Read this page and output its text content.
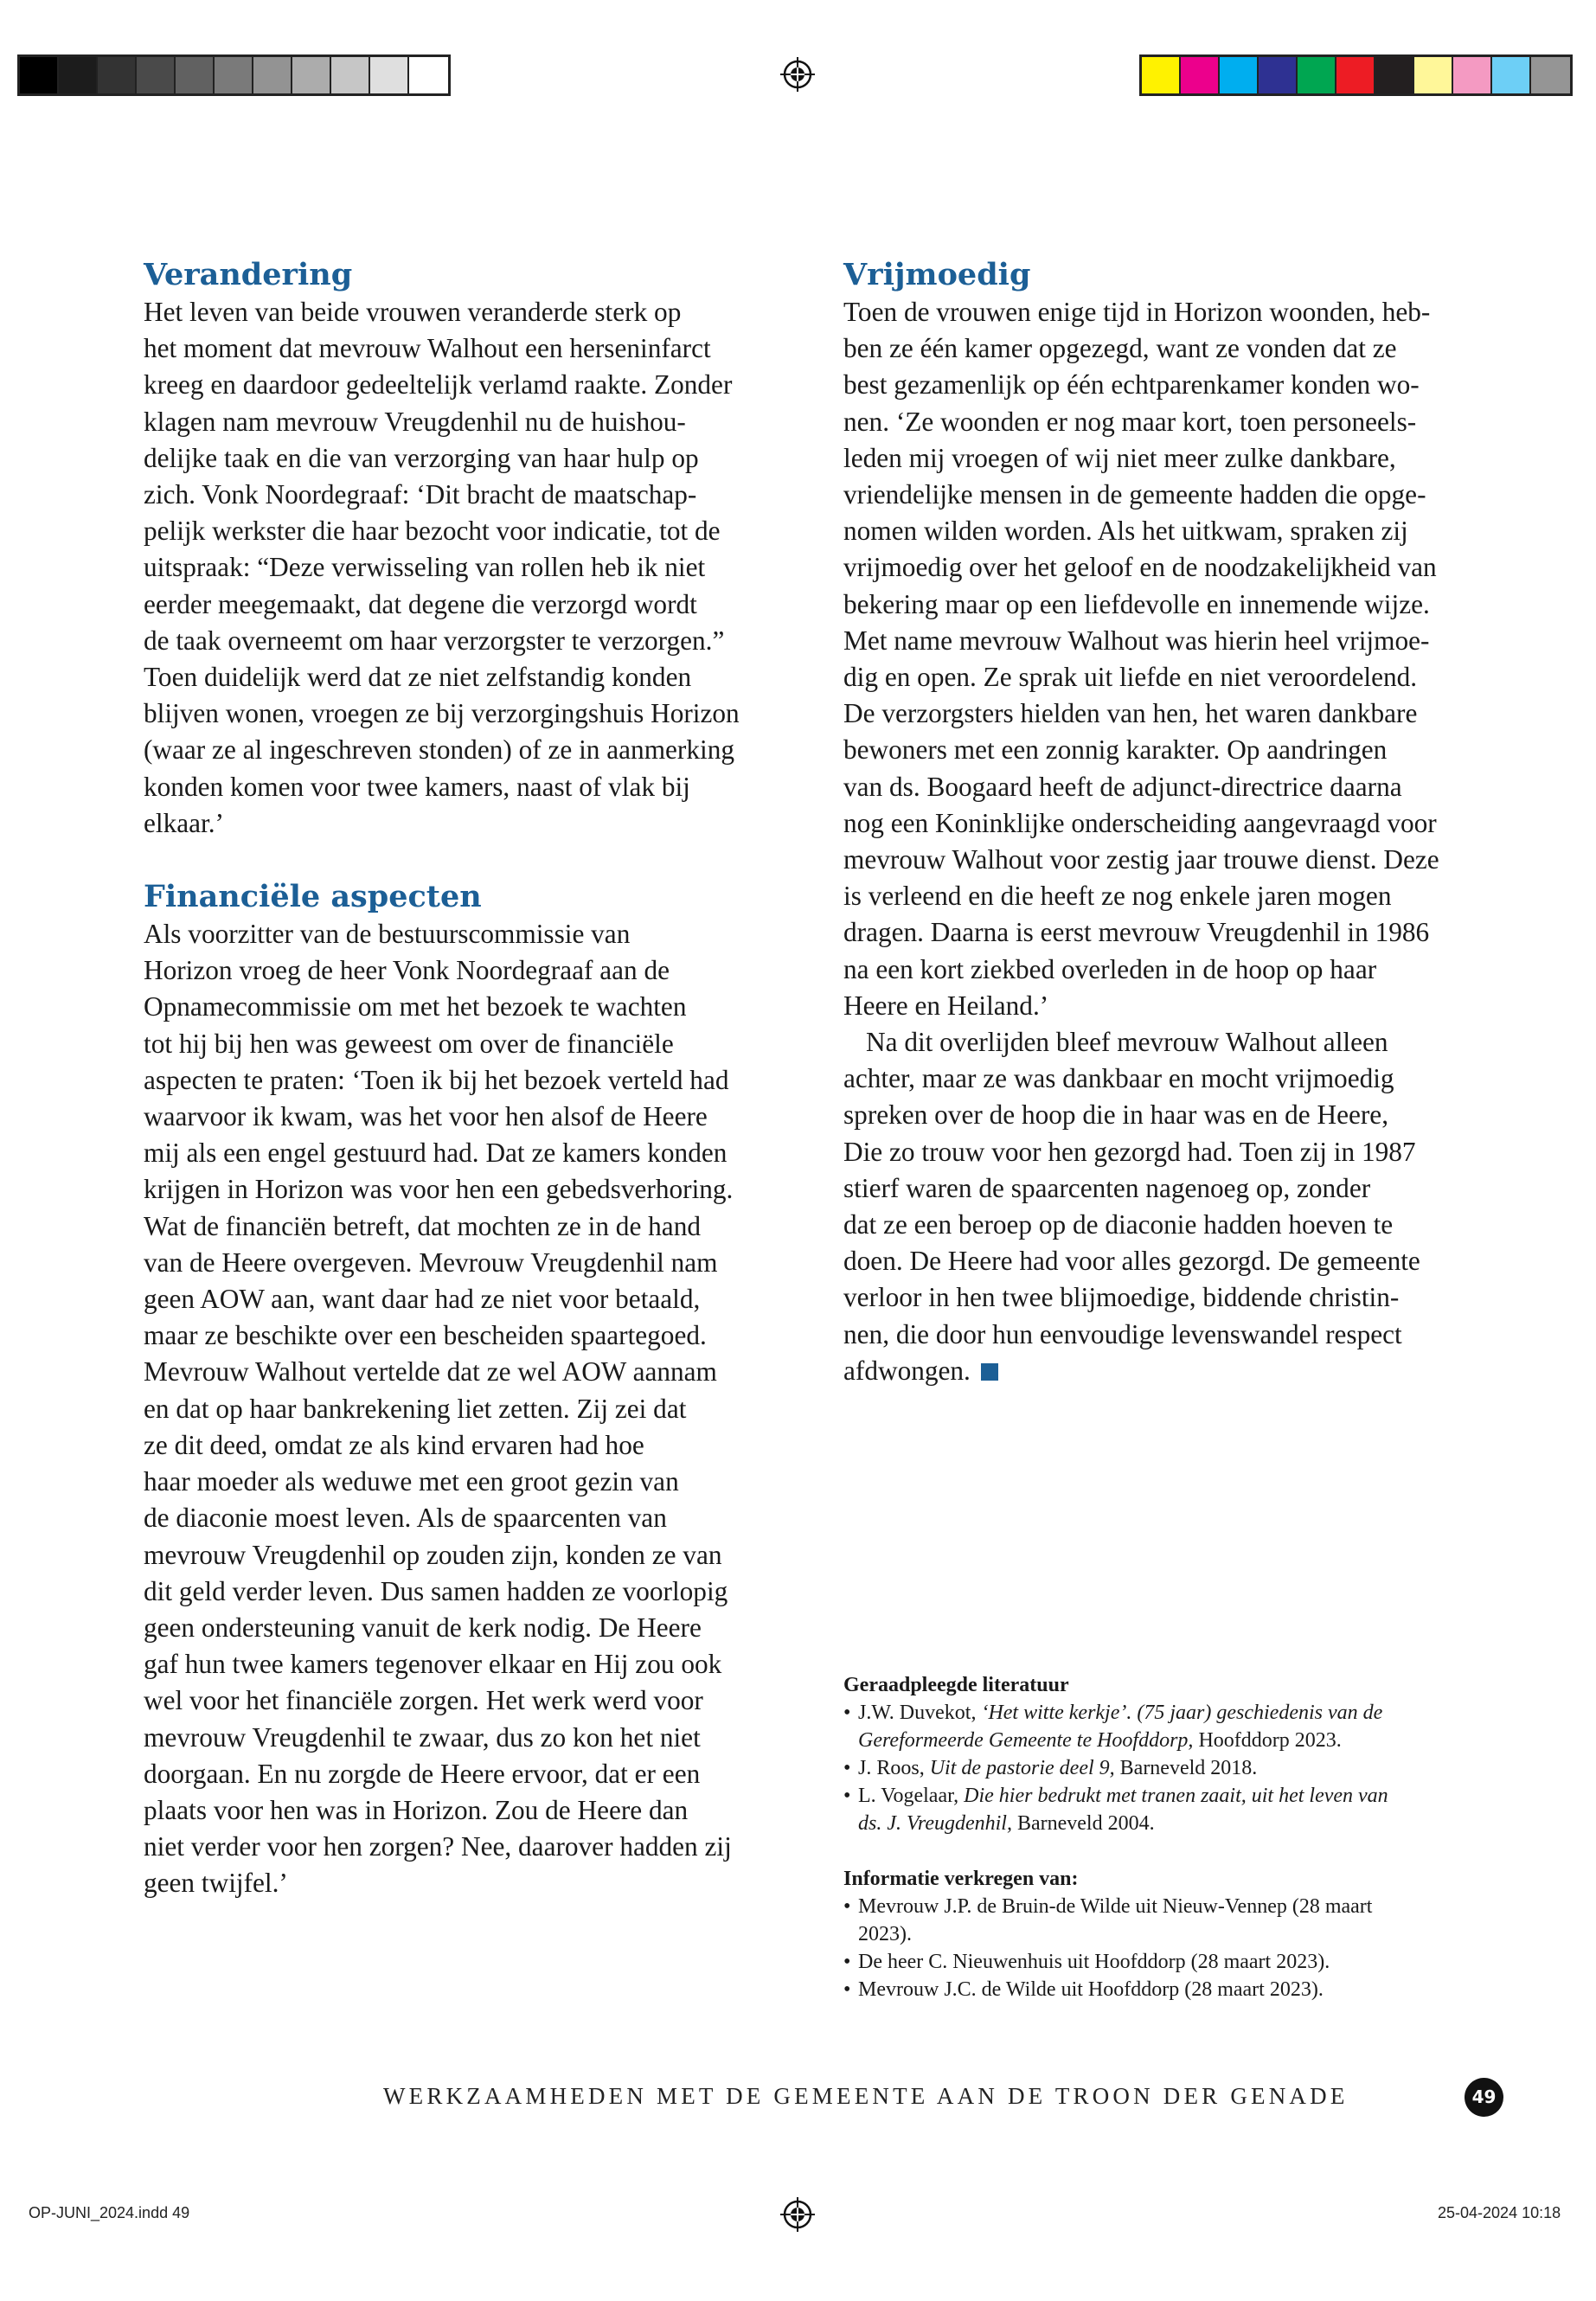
Verandering

Het leven van beide vrouwen veranderde sterk op
het moment dat mevrouw Walhout een herseninfarct
kreeg en daardoor gedeeltelijk verlamd raakte. Zonder
klagen nam mevrouw Vreugdenhil nu de huishou-
delijke taak en die van verzorging van haar hulp op
zich. Vonk Noordegraaf: ‘Dit bracht de maatschap-
pelijk werkster die haar bezocht voor indicatie, tot de
uitspraak: “Deze verwisseling van rollen heb ik niet
eerder meegemaakt, dat degene die verzorgd wordt
de taak overneemt om haar verzorgster te verzorgen.”
Toen duidelijk werd dat ze niet zelfstandig konden
blijven wonen, vroegen ze bij verzorgingshuis Horizon
(waar ze al ingeschreven stonden) of ze in aanmerking
konden komen voor twee kamers, naast of vlak bij
elkaar.’

Financiële aspecten

Als voorzitter van de bestuurscommissie van
Horizon vroeg de heer Vonk Noordegraaf aan de
Opnamecommissie om met het bezoek te wachten
tot hij bij hen was geweest om over de financiële
aspecten te praten: ‘Toen ik bij het bezoek verteld had
waarvoor ik kwam, was het voor hen alsof de Heere
mij als een engel gestuurd had. Dat ze kamers konden
krijgen in Horizon was voor hen een gebedsverhoring.
Wat de financiën betreft, dat mochten ze in de hand
van de Heere overgeven. Mevrouw Vreugdenhil nam
geen AOW aan, want daar had ze niet voor betaald,
maar ze beschikte over een bescheiden spaartegoed.
Mevrouw Walhout vertelde dat ze wel AOW aannam
en dat op haar bankrekening liet zetten. Zij zei dat
ze dit deed, omdat ze als kind ervaren had hoe
haar moeder als weduwe met een groot gezin van
de diaconie moest leven. Als de spaarcenten van
mevrouw Vreugdenhil op zouden zijn, konden ze van
dit geld verder leven. Dus samen hadden ze voorlopig
geen ondersteuning vanuit de kerk nodig. De Heere
gaf hun twee kamers tegenover elkaar en Hij zou ook
wel voor het financiële zorgen. Het werk werd voor
mevrouw Vreugdenhil te zwaar, dus zo kon het niet
doorgaan. En nu zorgde de Heere ervoor, dat er een
plaats voor hen was in Horizon. Zou de Heere dan
niet verder voor hen zorgen? Nee, daarover hadden zij
geen twijfel.’

Vrijmoedig

Toen de vrouwen enige tijd in Horizon woonden, heb-
ben ze één kamer opgezegd, want ze vonden dat ze
best gezamenlijk op één echtparenkamer konden wo-
nen. ‘Ze woonden er nog maar kort, toen personeels-
leden mij vroegen of wij niet meer zulke dankbare,
vriendelijke mensen in de gemeente hadden die opge-
nomen wilden worden. Als het uitkwam, spraken zij
vrijmoedig over het geloof en de noodzakelijkheid van
bekering maar op een liefdevolle en innemende wijze.
Met name mevrouw Walhout was hierin heel vrijmoe-
dig en open. Ze sprak uit liefde en niet veroordelend.
De verzorgsters hielden van hen, het waren dankbare
bewoners met een zonnig karakter. Op aandringen
van ds. Boogaard heeft de adjunct-directrice daarna
nog een Koninklijke onderscheiding aangevraagd voor
mevrouw Walhout voor zestig jaar trouwe dienst. Deze
is verleend en die heeft ze nog enkele jaren mogen
dragen. Daarna is eerst mevrouw Vreugdenhil in 1986
na een kort ziekbed overleden in de hoop op haar
Heere en Heiland.’

Na dit overlijden bleef mevrouw Walhout alleen
achter, maar ze was dankbaar en mocht vrijmoedig
spreken over de hoop die in haar was en de Heere,
Die zo trouw voor hen gezorgd had. Toen zij in 1987
stierf waren de spaarcenten nagenoeg op, zonder
dat ze een beroep op de diaconie hadden hoeven te
doen. De Heere had voor alles gezorgd. De gemeente
verloor in hen twee blijmoedige, biddende christin-
nen, die door hun eenvoudige levenswandel respect
afdwongen.

Geraadpleegde literatuur
• J.W. Duvekot, ‘Het witte kerkje’. (75 jaar) geschiedenis van de
Gereformeerde Gemeente te Hoofddorp, Hoofddorp 2023.
• J. Roos, Uit de pastorie deel 9, Barneveld 2018.
• L. Vogelaar, Die hier bedrukt met tranen zaait, uit het leven van
ds. J. Vreugdenhil, Barneveld 2004.
Informatie verkregen van:
• Mevrouw J.P. de Bruin-de Wilde uit Nieuw-Vennep (28 maart
2023).
• De heer C. Nieuwenhuis uit Hoofddorp (28 maart 2023).
• Mevrouw J.C. de Wilde uit Hoofddorp (28 maart 2023).
WERKZAAMHEDEN MET DE GEMEENTE AAN DE TROON DER GENADE	49
OP-JUNI_2024.indd 49	25-04-2024 10:18
